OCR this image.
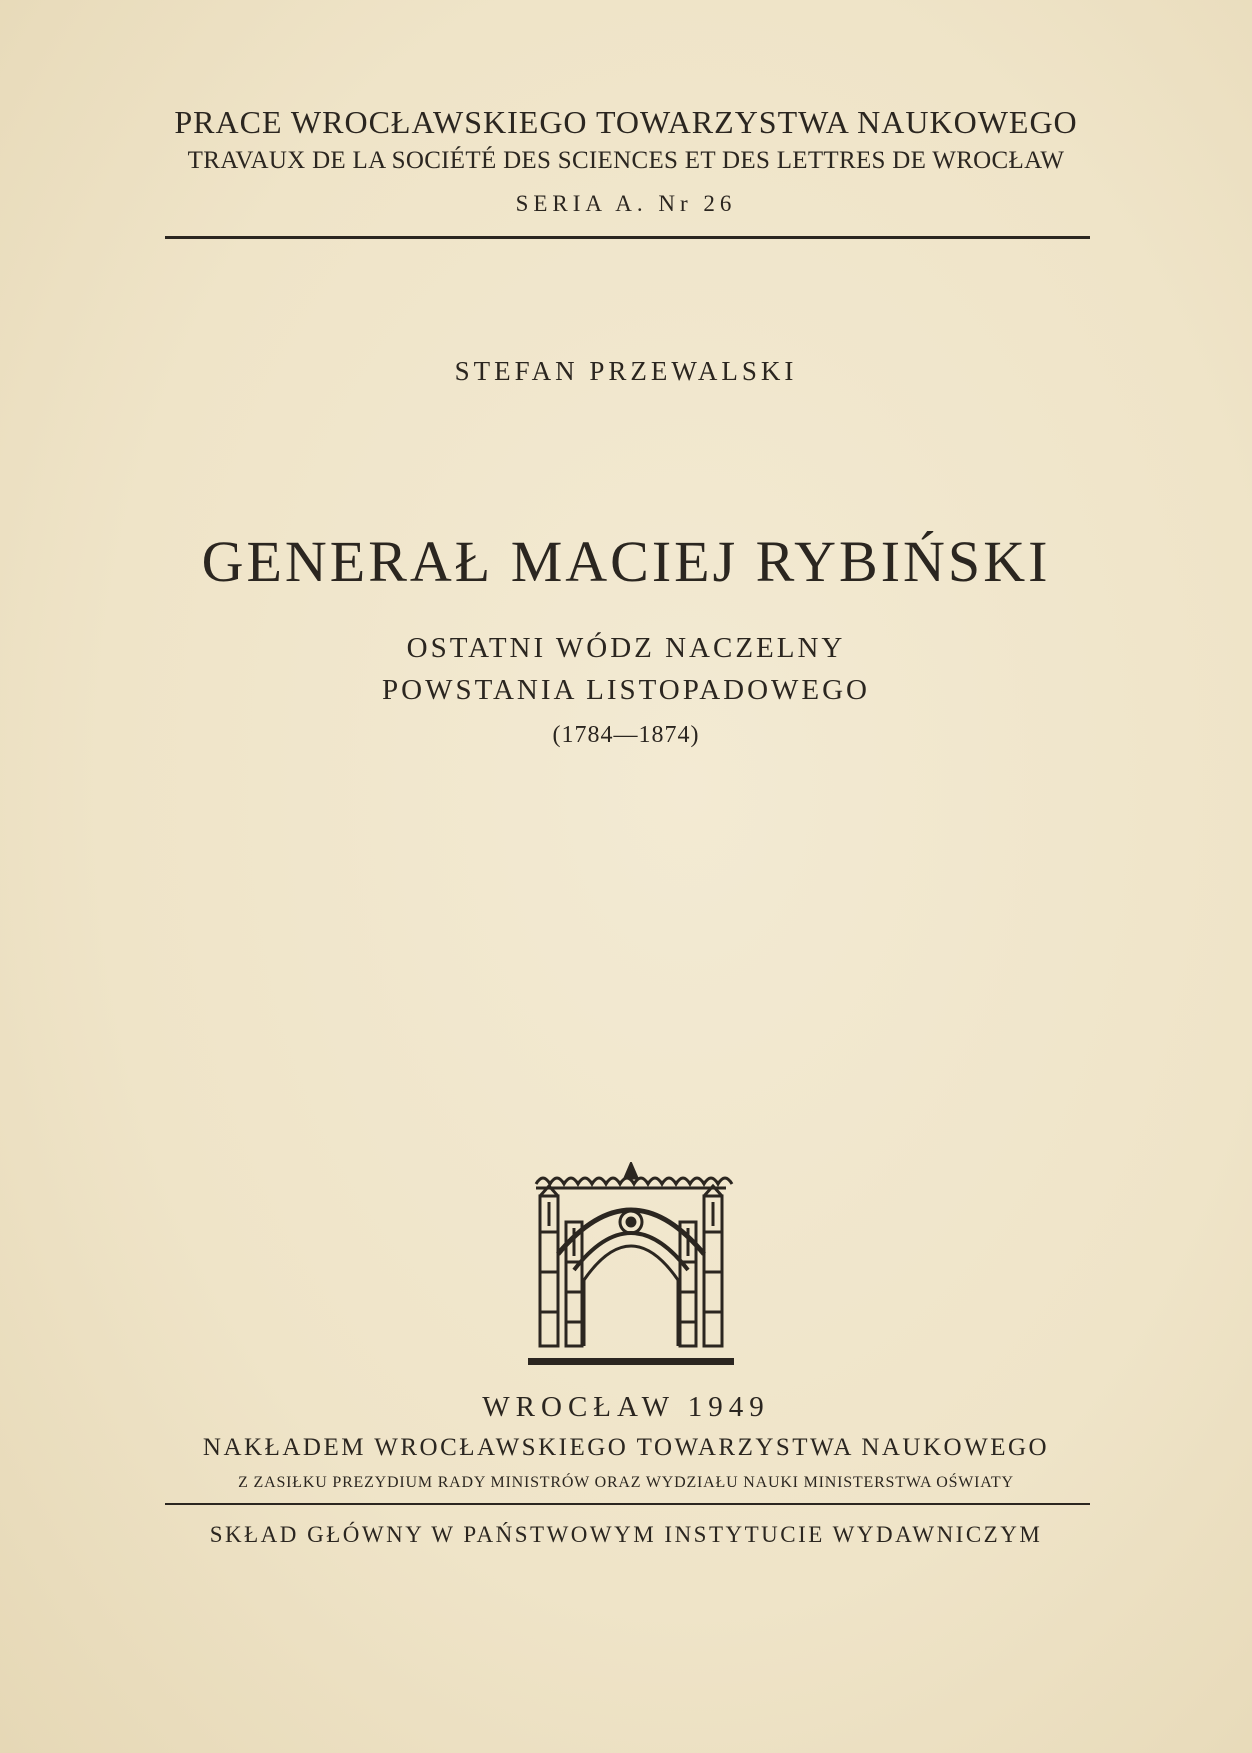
PRACE WROCŁAWSKIEGO TOWARZYSTWA NAUKOWEGO
TRAVAUX DE LA SOCIÉTÉ DES SCIENCES ET DES LETTRES DE WROCŁAW
SERIA A. Nr 26
STEFAN PRZEWALSKI
GENERAŁ MACIEJ RYBIŃSKI
OSTATNI WÓDZ NACZELNY
POWSTANIA LISTOPADOWEGO
(1784—1874)
WROCŁAW 1949
NAKŁADEM WROCŁAWSKIEGO TOWARZYSTWA NAUKOWEGO
Z ZASIŁKU PREZYDIUM RADY MINISTRÓW ORAZ WYDZIAŁU NAUKI MINISTERSTWA OŚWIATY
SKŁAD GŁÓWNY W PAŃSTWOWYM INSTYTUCIE WYDAWNICZYM
